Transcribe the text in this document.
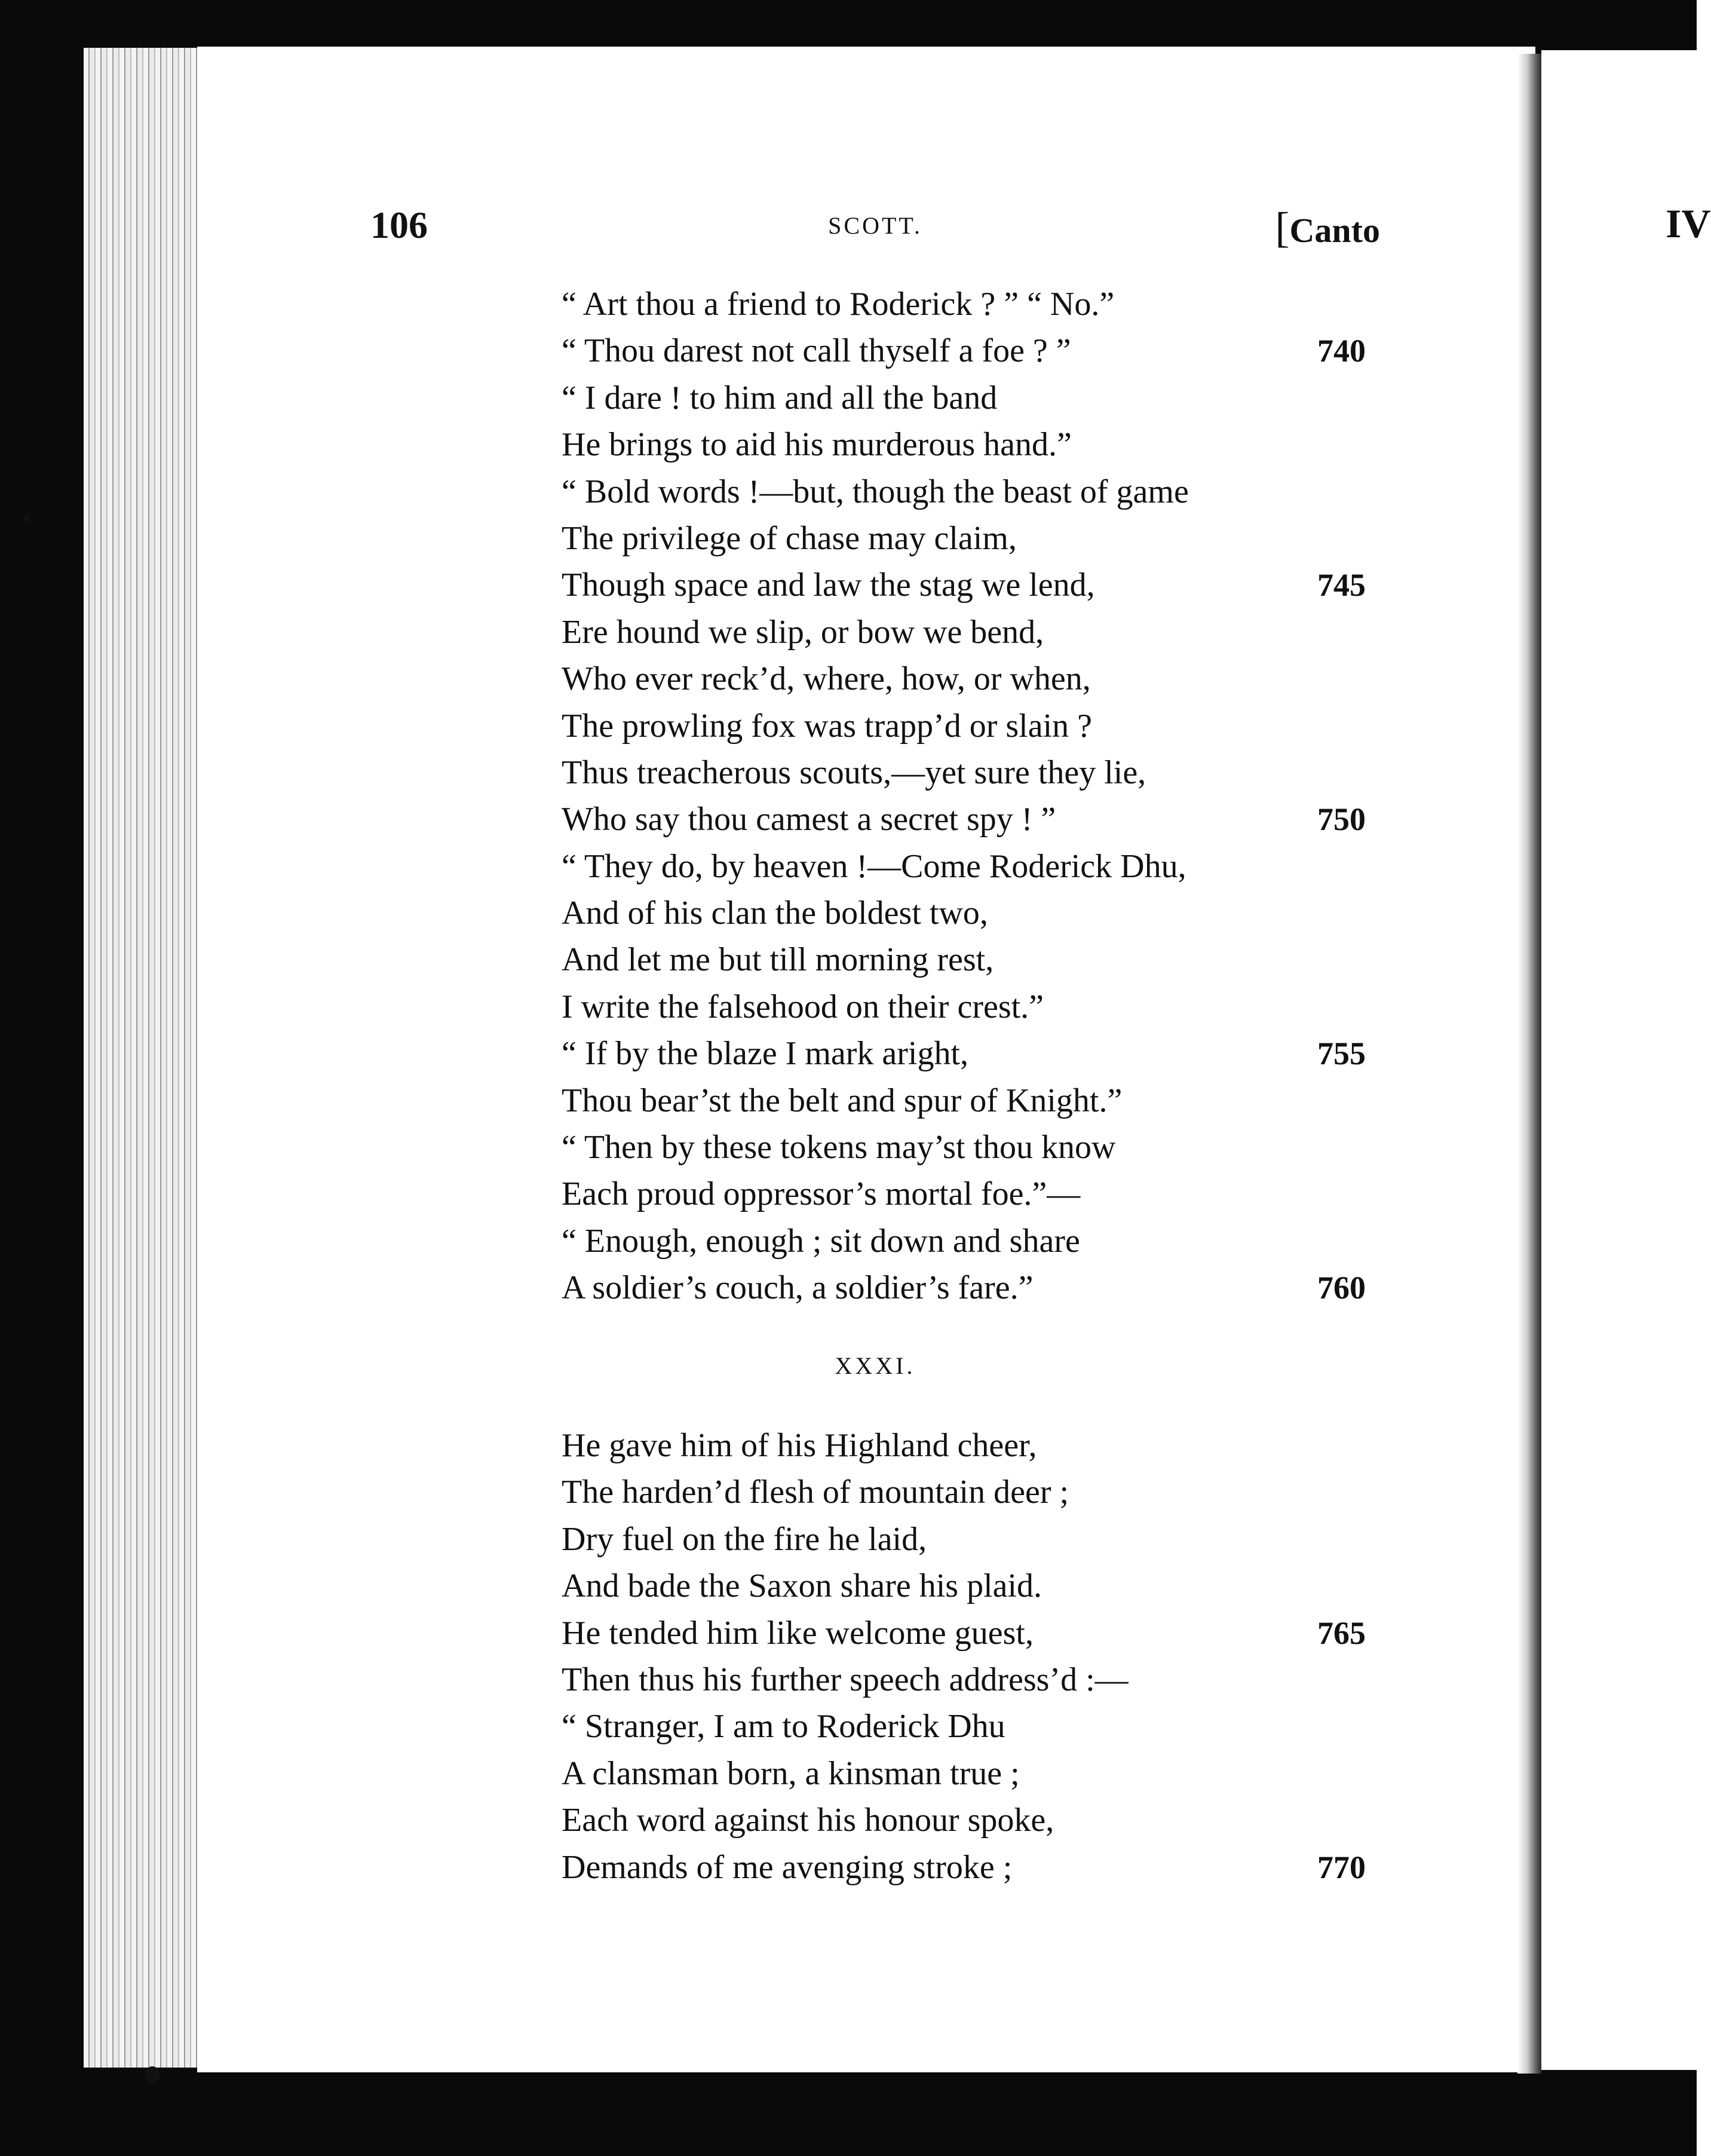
IV
106	SCOTT.	[Canto
“ Art thou a friend to Roderick ? ” “ No.”
“ Thou darest not call thyself a foe ? ”	740
“ I dare ! to him and all the band
He brings to aid his murderous hand.”
“ Bold words !—but, though the beast of game
The privilege of chase may claim,
Though space and law the stag we lend,	745
Ere hound we slip, or bow we bend,
Who ever reck’d, where, how, or when,
The prowling fox was trapp’d or slain ?
Thus treacherous scouts,—yet sure they lie,
Who say thou camest a secret spy ! ”	750
“ They do, by heaven !—Come Roderick Dhu,
And of his clan the boldest two,
And let me but till morning rest,
I write the falsehood on their crest.”
“ If by the blaze I mark aright,	755
Thou bear’st the belt and spur of Knight.”
“ Then by these tokens may’st thou know
Each proud oppressor’s mortal foe.”—
“ Enough, enough ; sit down and share
A soldier’s couch, a soldier’s fare.”	760
XXXI.
He gave him of his Highland cheer,
The harden’d flesh of mountain deer ;
Dry fuel on the fire he laid,
And bade the Saxon share his plaid.
He tended him like welcome guest,	765
Then thus his further speech address’d :—
“ Stranger, I am to Roderick Dhu
A clansman born, a kinsman true ;
Each word against his honour spoke,
Demands of me avenging stroke ;	770
